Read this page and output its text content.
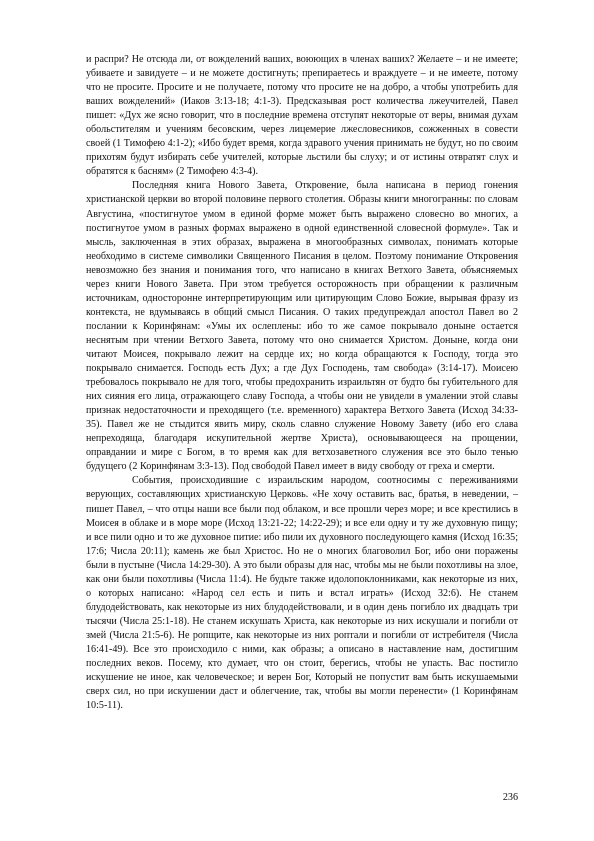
и распри? Не отсюда ли, от вожделений ваших, воюющих в членах ваших? Желаете – и не имеете; убиваете и завидуете – и не можете достигнуть; препираетесь и враждуете – и не имеете, потому что не просите. Просите и не получаете, потому что просите не на добро, а чтобы употребить для ваших вожделений» (Иаков 3:13-18; 4:1-3). Предсказывая рост количества лжеучителей, Павел пишет: «Дух же ясно говорит, что в последние времена отступят некоторые от веры, внимая духам обольстителям и учениям бесовским, через лицемерие лжесловесников, сожженных в совести своей (1 Тимофею 4:1-2); «Ибо будет время, когда здравого учения принимать не будут, но по своим прихотям будут избирать себе учителей, которые льстили бы слуху; и от истины отвратят слух и обратятся к басням» (2 Тимофею 4:3-4).

Последняя книга Нового Завета, Откровение, была написана в период гонения христианской церкви во второй половине первого столетия. Образы книги многогранны: по словам Августина, «постигнутое умом в единой форме может быть выражено словесно во многих, а постигнутое умом в разных формах выражено в одной единственной словесной формуле». Так и мысль, заключенная в этих образах, выражена в многообразных символах, понимать которые необходимо в системе символики Священного Писания в целом. Поэтому понимание Откровения невозможно без знания и понимания того, что написано в книгах Ветхого Завета, объясняемых через книги Нового Завета. При этом требуется осторожность при обращении к различным источникам, односторонне интерпретирующим или цитирующим Слово Божие, вырывая фразу из контекста, не вдумываясь в общий смысл Писания. О таких предупреждал апостол Павел во 2 послании к Коринфянам: «Умы их ослеплены: ибо то же самое покрывало доныне остается неснятым при чтении Ветхого Завета, потому что оно снимается Христом. Доныне, когда они читают Моисея, покрывало лежит на сердце их; но когда обращаются к Господу, тогда это покрывало снимается. Господь есть Дух; а где Дух Господень, там свобода» (3:14-17). Моисею требовалось покрывало не для того, чтобы предохранить израильтян от будто бы губительного для них сияния его лица, отражающего славу Господа, а чтобы они не увидели в умалении этой славы признак недостаточности и преходящего (т.е. временного) характера Ветхого Завета (Исход 34:33-35). Павел же не стыдится явить миру, сколь славно служение Новому Завету (ибо его слава непреходяща, благодаря искупительной жертве Христа), основывающееся на прощении, оправдании и мире с Богом, в то время как для ветхозаветного служения все это было тенью будущего (2 Коринфянам 3:3-13). Под свободой Павел имеет в виду свободу от греха и смерти.

События, происходившие с израильским народом, соотносимы с переживаниями верующих, составляющих христианскую Церковь. «Не хочу оставить вас, братья, в неведении, – пишет Павел, – что отцы наши все были под облаком, и все прошли через море; и все крестились в Моисея в облаке и в море море (Исход 13:21-22; 14:22-29); и все ели одну и ту же духовную пищу; и все пили одно и то же духовное питие: ибо пили их духовного последующего камня (Исход 16:35; 17:6; Числа 20:11); камень же был Христос. Но не о многих благоволил Бог, ибо они поражены были в пустыне (Числа 14:29-30). А это были образы для нас, чтобы мы не были похотливы на злое, как они были похотливы (Числа 11:4). Не будьте также идолопоклонниками, как некоторые из них, о которых написано: «Народ сел есть и пить и встал играть» (Исход 32:6). Не станем блудодействовать, как некоторые из них блудодействовали, и в один день погибло их двадцать три тысячи (Числа 25:1-18). Не станем искушать Христа, как некоторые из них искушали и погибли от змей (Числа 21:5-6). Не ропщите, как некоторые из них роптали и погибли от истребителя (Числа 16:41-49). Все это происходило с ними, как образы; а описано в наставление нам, достигшим последних веков. Посему, кто думает, что он стоит, берегись, чтобы не упасть. Вас постигло искушение не иное, как человеческое; и верен Бог, Который не попустит вам быть искушаемыми сверх сил, но при искушении даст и облегчение, так, чтобы вы могли перенести» (1 Коринфянам 10:5-11).

236
